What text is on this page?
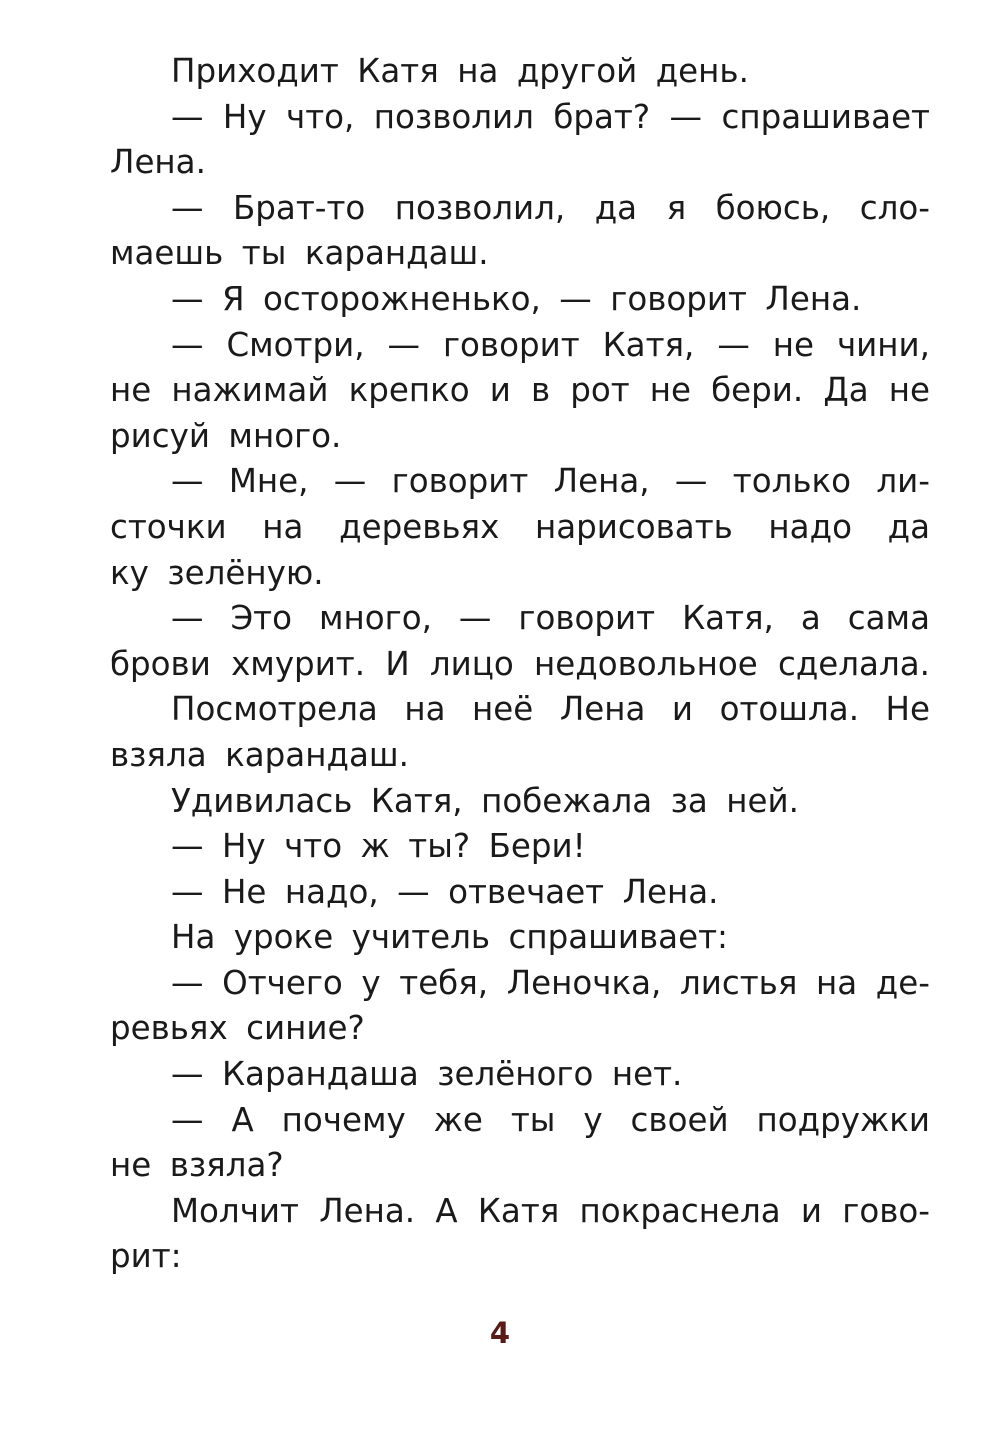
Приходит Катя на другой день.
— Ну что, позволил брат? — спрашивает
Лена.
— Брат-то позволил, да я боюсь, сло-
маешь ты карандаш.
— Я осторожненько, — говорит Лена.
— Смотри, — говорит Катя, — не чини,
не нажимай крепко и в рот не бери. Да не
рисуй много.
— Мне, — говорит Лена, — только ли-
сточки на деревьях нарисовать надо да
ку зелёную.
— Это много, — говорит Катя, а сама
брови хмурит. И лицо недовольное сделала.
Посмотрела на неё Лена и отошла. Не
взяла карандаш.
Удивилась Катя, побежала за ней.
— Ну что ж ты? Бери!
— Не надо, — отвечает Лена.
На уроке учитель спрашивает:
— Отчего у тебя, Леночка, листья на де-
ревьях синие?
— Карандаша зелёного нет.
— А почему же ты у своей подружки
не взяла?
Молчит Лена. А Катя покраснела и гово-
рит:
4
